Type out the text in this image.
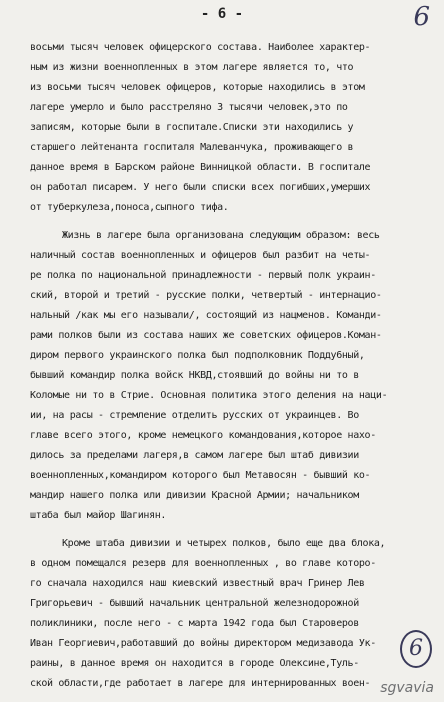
- 6 -	6
восьми тысяч человек офицерского состава. Наиболее характер-
ным из жизни военнопленных в этом лагере является то, что
из восьми тысяч человек офицеров, которые находились в этом
лагере умерло и было расстреляно 3 тысячи человек,это по
записям, которые были в госпитале.Списки эти находились у
старшего лейтенанта госпиталя Малеванчука, проживающего в
данное время в Барском районе Винницкой области. В госпитале
он работал писарем. У него были списки всех погибших,умерших
от туберкулеза,поноса,сыпного тифа.
Жизнь в лагере была организована следующим образом: весь
наличный состав военнопленных и офицеров был разбит на четы-
ре полка по национальной принадлежности - первый полк украин-
ский, второй и третий - русские полки, четвертый - интернацио-
нальный /как мы его называли/, состоящий из нацменов. Команди-
рами полков были из состава наших же советских офицеров.Коман-
диром первого украинского полка был подполковник Подду6ный,
бывший командир полка войск НКВД,стоявший до войны ни то в
Коломые ни то в Стрие. Основная политика этого деления на наци-
ии, на расы - стремление отделить русских от украинцев. Во
главе всего этого, кроме немецкого командования,которое нахо-
дилось за пределами лагеря,в самом лагере был штаб дивизии
военнопленных,командиром которого был Метавосян - бывший ко-
мандир нашего полка или дивизии Красной Армии; начальником
штаба был майор Шагинян.
Кроме штаба дивизии и четырех полков, было еще два блока,
в одном помещался резерв для военнопленных , во главе которо-
го сначала находился наш киевский известный врач Гринер Лев
Григорьевич - бывший начальник центральной железнодорожной
поликлиники, после него - с марта 1942 года был Староверов
Иван Георгиевич,работавший до войны директором медизавода Ук-
раины, в данное время он находится в городе Олексине,Туль-
ской области,где работает в лагере для интернированных воен-
6
sgvavia
